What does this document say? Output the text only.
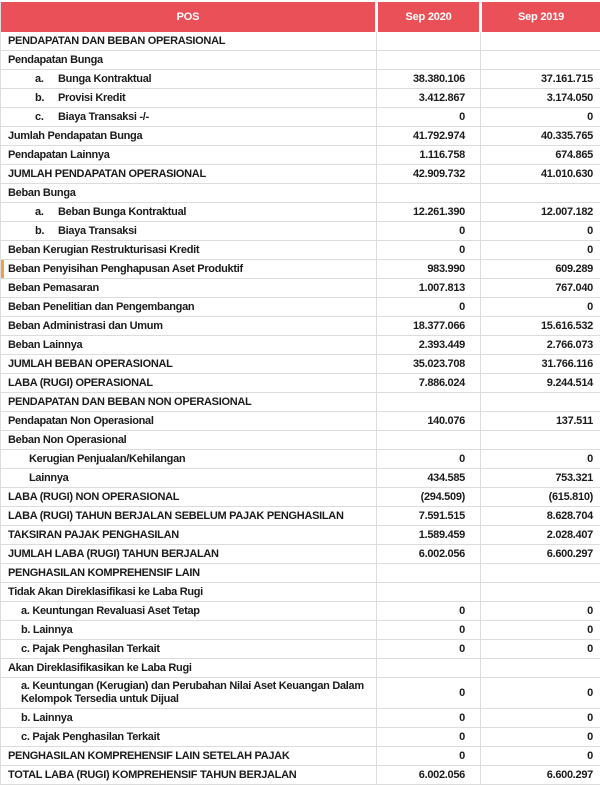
POS	Sep 2020	Sep 2019
PENDAPATAN DAN BEBAN OPERASIONAL		
Pendapatan Bunga		
a. Bunga Kontraktual	38.380.106	37.161.715
b. Provisi Kredit	3.412.867	3.174.050
c. Biaya Transaksi -/-	0	0
Jumlah Pendapatan Bunga	41.792.974	40.335.765
Pendapatan Lainnya	1.116.758	674.865
JUMLAH PENDAPATAN OPERASIONAL	42.909.732	41.010.630
Beban Bunga		
a. Beban Bunga Kontraktual	12.261.390	12.007.182
b. Biaya Transaksi	0	0
Beban Kerugian Restrukturisasi Kredit	0	0
Beban Penyisihan Penghapusan Aset Produktif	983.990	609.289
Beban Pemasaran	1.007.813	767.040
Beban Penelitian dan Pengembangan	0	0
Beban Administrasi dan Umum	18.377.066	15.616.532
Beban Lainnya	2.393.449	2.766.073
JUMLAH BEBAN OPERASIONAL	35.023.708	31.766.116
LABA (RUGI) OPERASIONAL	7.886.024	9.244.514
PENDAPATAN DAN BEBAN NON OPERASIONAL		
Pendapatan Non Operasional	140.076	137.511
Beban Non Operasional		
Kerugian Penjualan/Kehilangan	0	0
Lainnya	434.585	753.321
LABA (RUGI) NON OPERASIONAL	(294.509)	(615.810)
LABA (RUGI) TAHUN BERJALAN SEBELUM PAJAK PENGHASILAN	7.591.515	8.628.704
TAKSIRAN PAJAK PENGHASILAN	1.589.459	2.028.407
JUMLAH LABA (RUGI) TAHUN BERJALAN	6.002.056	6.600.297
PENGHASILAN KOMPREHENSIF LAIN		
Tidak Akan Direklasifikasi ke Laba Rugi		
a. Keuntungan Revaluasi Aset Tetap	0	0
b. Lainnya	0	0
c. Pajak Penghasilan Terkait	0	0
Akan Direklasifikasikan ke Laba Rugi		
a. Keuntungan (Kerugian) dan Perubahan Nilai Aset Keuangan Dalam Kelompok Tersedia untuk Dijual	0	0
b. Lainnya	0	0
c. Pajak Penghasilan Terkait	0	0
PENGHASILAN KOMPREHENSIF LAIN SETELAH PAJAK	0	0
TOTAL LABA (RUGI) KOMPREHENSIF TAHUN BERJALAN	6.002.056	6.600.297
